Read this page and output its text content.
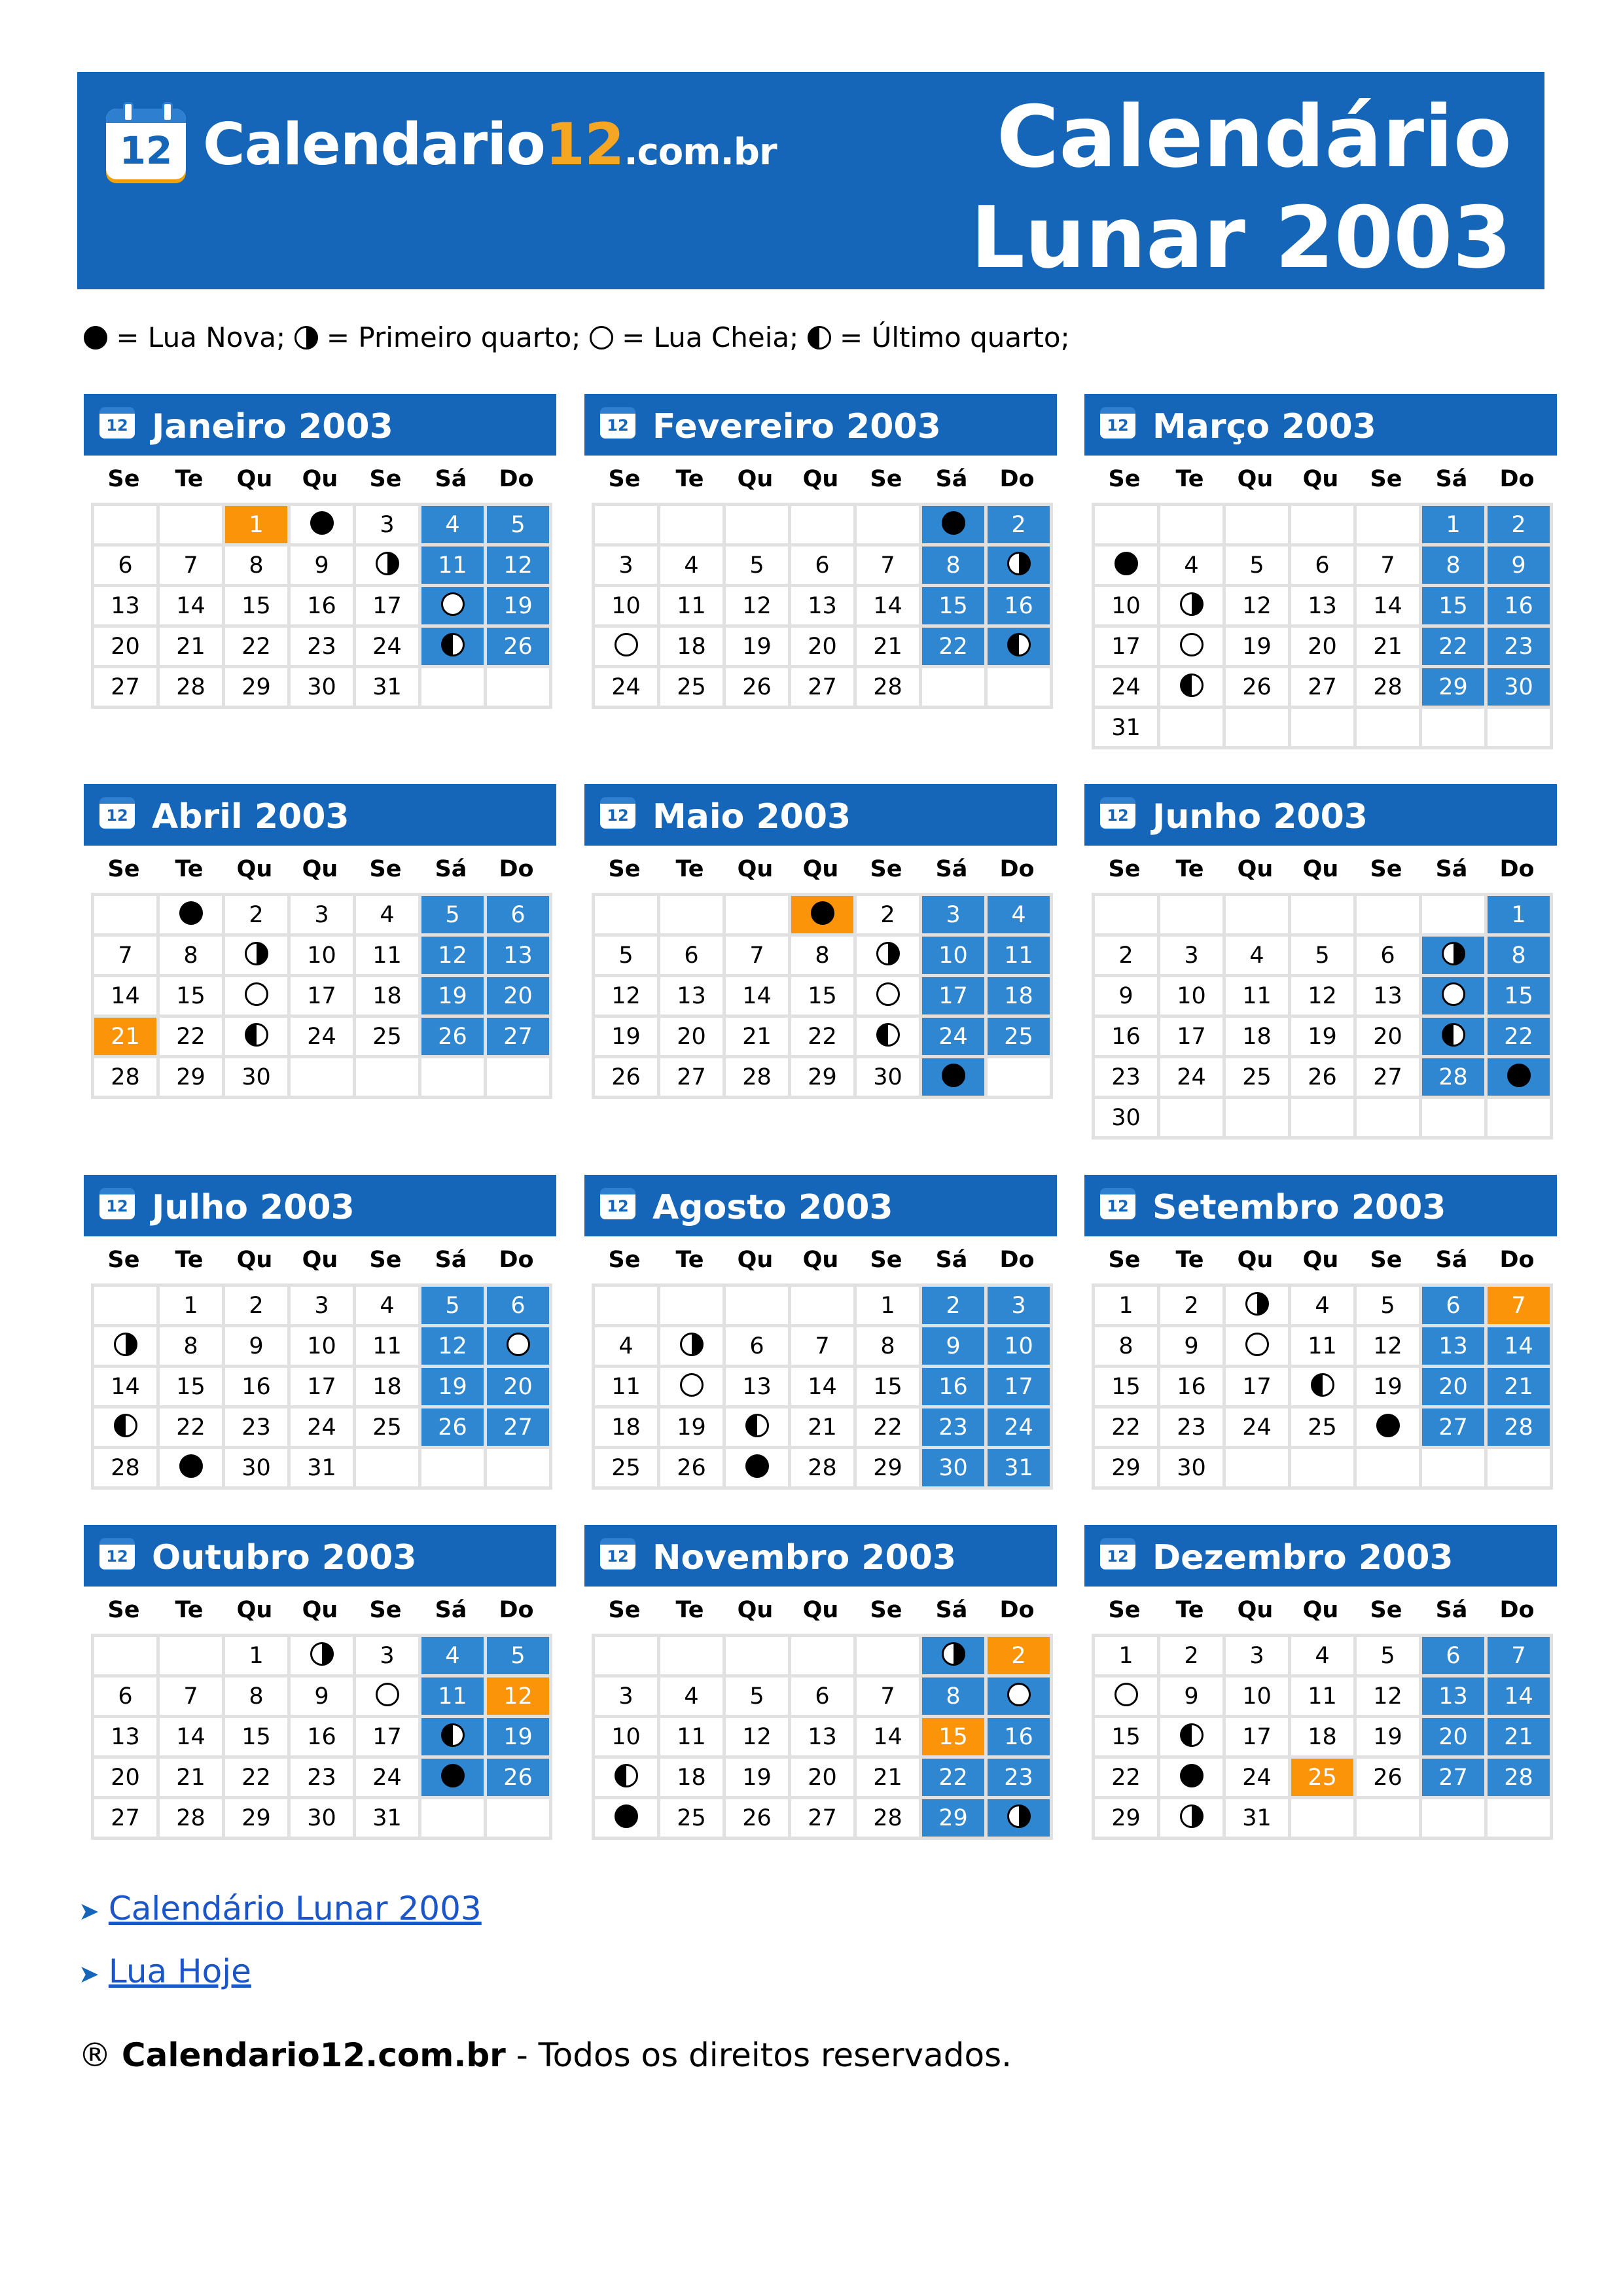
12 Calendario12.com.br	Calendário
Lunar 2003
= Lua Nova; = Primeiro quarto; = Lua Cheia; = Último quarto;
12 Janeiro 2003
Se	Te	Qu	Qu	Se	Sá	Do
		1		3	4	5
6	7	8	9		11	12
13	14	15	16	17		19
20	21	22	23	24		26
27	28	29	30	31		
12 Fevereiro 2003
Se	Te	Qu	Qu	Se	Sá	Do
						2
3	4	5	6	7	8	
10	11	12	13	14	15	16
	18	19	20	21	22	
24	25	26	27	28		
12 Março 2003
Se	Te	Qu	Qu	Se	Sá	Do
					1	2
	4	5	6	7	8	9
10		12	13	14	15	16
17		19	20	21	22	23
24		26	27	28	29	30
31						
12 Abril 2003
Se	Te	Qu	Qu	Se	Sá	Do
		2	3	4	5	6
7	8		10	11	12	13
14	15		17	18	19	20
21	22		24	25	26	27
28	29	30				
12 Maio 2003
Se	Te	Qu	Qu	Se	Sá	Do
				2	3	4
5	6	7	8		10	11
12	13	14	15		17	18
19	20	21	22		24	25
26	27	28	29	30		
12 Junho 2003
Se	Te	Qu	Qu	Se	Sá	Do
						1
2	3	4	5	6		8
9	10	11	12	13		15
16	17	18	19	20		22
23	24	25	26	27	28	
30						
12 Julho 2003
Se	Te	Qu	Qu	Se	Sá	Do
	1	2	3	4	5	6
	8	9	10	11	12	
14	15	16	17	18	19	20
	22	23	24	25	26	27
28		30	31			
12 Agosto 2003
Se	Te	Qu	Qu	Se	Sá	Do
				1	2	3
4		6	7	8	9	10
11		13	14	15	16	17
18	19		21	22	23	24
25	26		28	29	30	31
12 Setembro 2003
Se	Te	Qu	Qu	Se	Sá	Do
1	2		4	5	6	7
8	9		11	12	13	14
15	16	17		19	20	21
22	23	24	25		27	28
29	30					
12 Outubro 2003
Se	Te	Qu	Qu	Se	Sá	Do
		1		3	4	5
6	7	8	9		11	12
13	14	15	16	17		19
20	21	22	23	24		26
27	28	29	30	31		
12 Novembro 2003
Se	Te	Qu	Qu	Se	Sá	Do
						2
3	4	5	6	7	8	
10	11	12	13	14	15	16
	18	19	20	21	22	23
	25	26	27	28	29	
12 Dezembro 2003
Se	Te	Qu	Qu	Se	Sá	Do
1	2	3	4	5	6	7
	9	10	11	12	13	14
15		17	18	19	20	21
22		24	25	26	27	28
29		31				
➤ Calendário Lunar 2003
➤ Lua Hoje
® Calendario12.com.br - Todos os direitos reservados.
